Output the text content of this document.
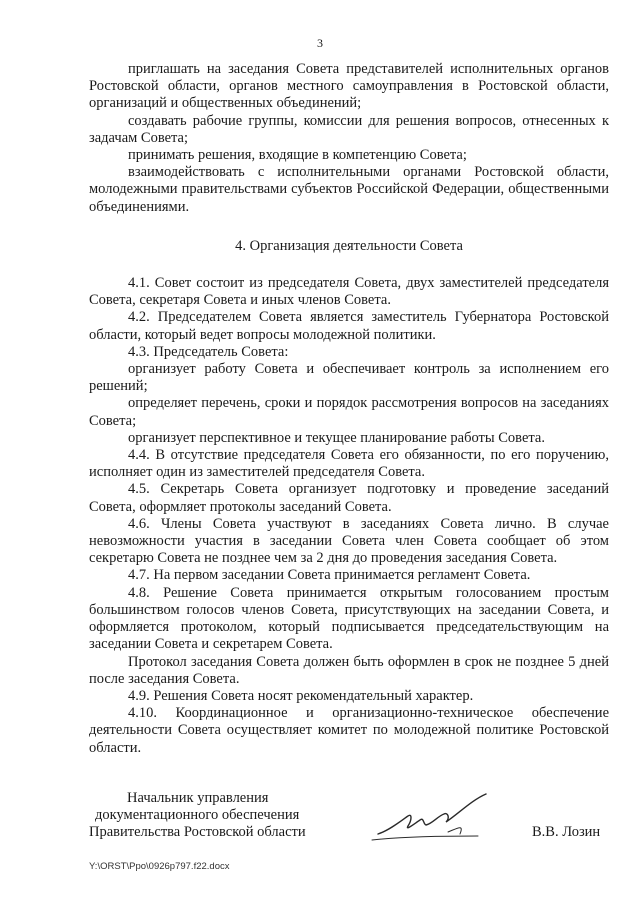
3

приглашать на заседания Совета представителей исполнительных органов Ростовской области, органов местного самоуправления в Ростовской области, организаций и общественных объединений;

создавать рабочие группы, комиссии для решения вопросов, отнесенных к задачам Совета;

принимать решения, входящие в компетенцию Совета;

взаимодействовать с исполнительными органами Ростовской области, молодежными правительствами субъектов Российской Федерации, общественными объединениями.

4. Организация деятельности Совета

4.1. Совет состоит из председателя Совета, двух заместителей председателя Совета, секретаря Совета и иных членов Совета.

4.2. Председателем Совета является заместитель Губернатора Ростовской области, который ведет вопросы молодежной политики.

4.3. Председатель Совета:

организует работу Совета и обеспечивает контроль за исполнением его решений;

определяет перечень, сроки и порядок рассмотрения вопросов на заседаниях Совета;

организует перспективное и текущее планирование работы Совета.

4.4. В отсутствие председателя Совета его обязанности, по его поручению, исполняет один из заместителей председателя Совета.

4.5. Секретарь Совета организует подготовку и проведение заседаний Совета, оформляет протоколы заседаний Совета.

4.6. Члены Совета участвуют в заседаниях Совета лично. В случае невозможности участия в заседании Совета член Совета сообщает об этом секретарю Совета не позднее чем за 2 дня до проведения заседания Совета.

4.7. На первом заседании Совета принимается регламент Совета.

4.8. Решение Совета принимается открытым голосованием простым большинством голосов членов Совета, присутствующих на заседании Совета, и оформляется протоколом, который подписывается председательствующим на заседании Совета и секретарем Совета.

Протокол заседания Совета должен быть оформлен в срок не позднее 5 дней после заседания Совета.

4.9. Решения Совета носят рекомендательный характер.

4.10. Координационное и организационно-техническое обеспечение деятельности Совета осуществляет комитет по молодежной политике Ростовской области.

Начальник управления
документационного обеспечения
Правительства Ростовской области	В.В. Лозин
Y:\ORST\Ppo\0926p797.f22.docx
